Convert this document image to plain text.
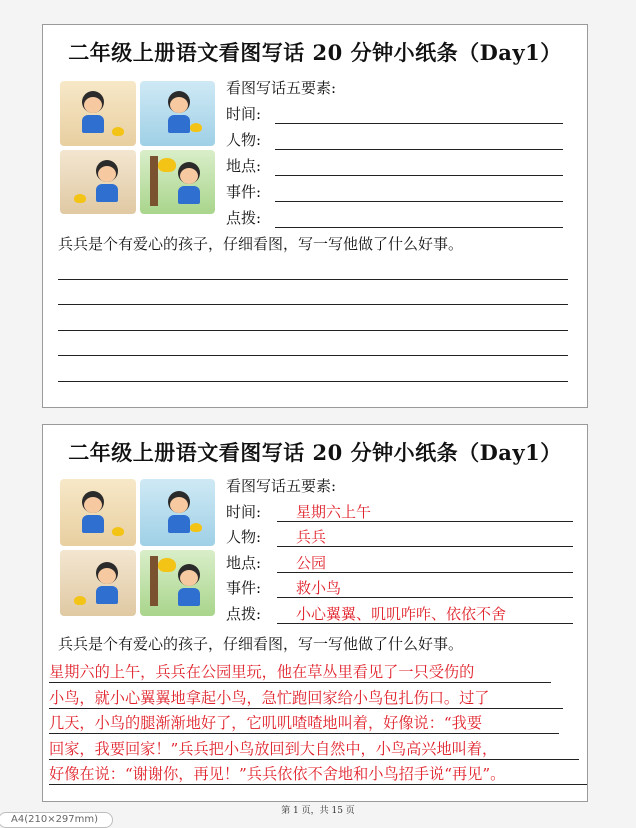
二年级上册语文看图写话 20 分钟小纸条（Day1）
看图写话五要素:
时间:
人物:
地点:
事件:
点拨:
兵兵是个有爱心的孩子，仔细看图，写一写他做了什么好事。
二年级上册语文看图写话 20 分钟小纸条（Day1）
看图写话五要素:
时间: 星期六上午
人物: 兵兵
地点: 公园
事件: 救小鸟
点拨: 小心翼翼、叽叽咋咋、依依不舍
兵兵是个有爱心的孩子，仔细看图，写一写他做了什么好事。
星期六的上午，兵兵在公园里玩，他在草丛里看见了一只受伤的
小鸟，就小心翼翼地拿起小鸟，急忙跑回家给小鸟包扎伤口。过了
几天，小鸟的腿渐渐地好了，它叽叽喳喳地叫着，好像说：“我要
回家，我要回家！”兵兵把小鸟放回到大自然中，小鸟高兴地叫着，
好像在说：“谢谢你，再见！”兵兵依依不舍地和小鸟招手说“再见”。
第 1 页，共 15 页
A4(210×297mm)
